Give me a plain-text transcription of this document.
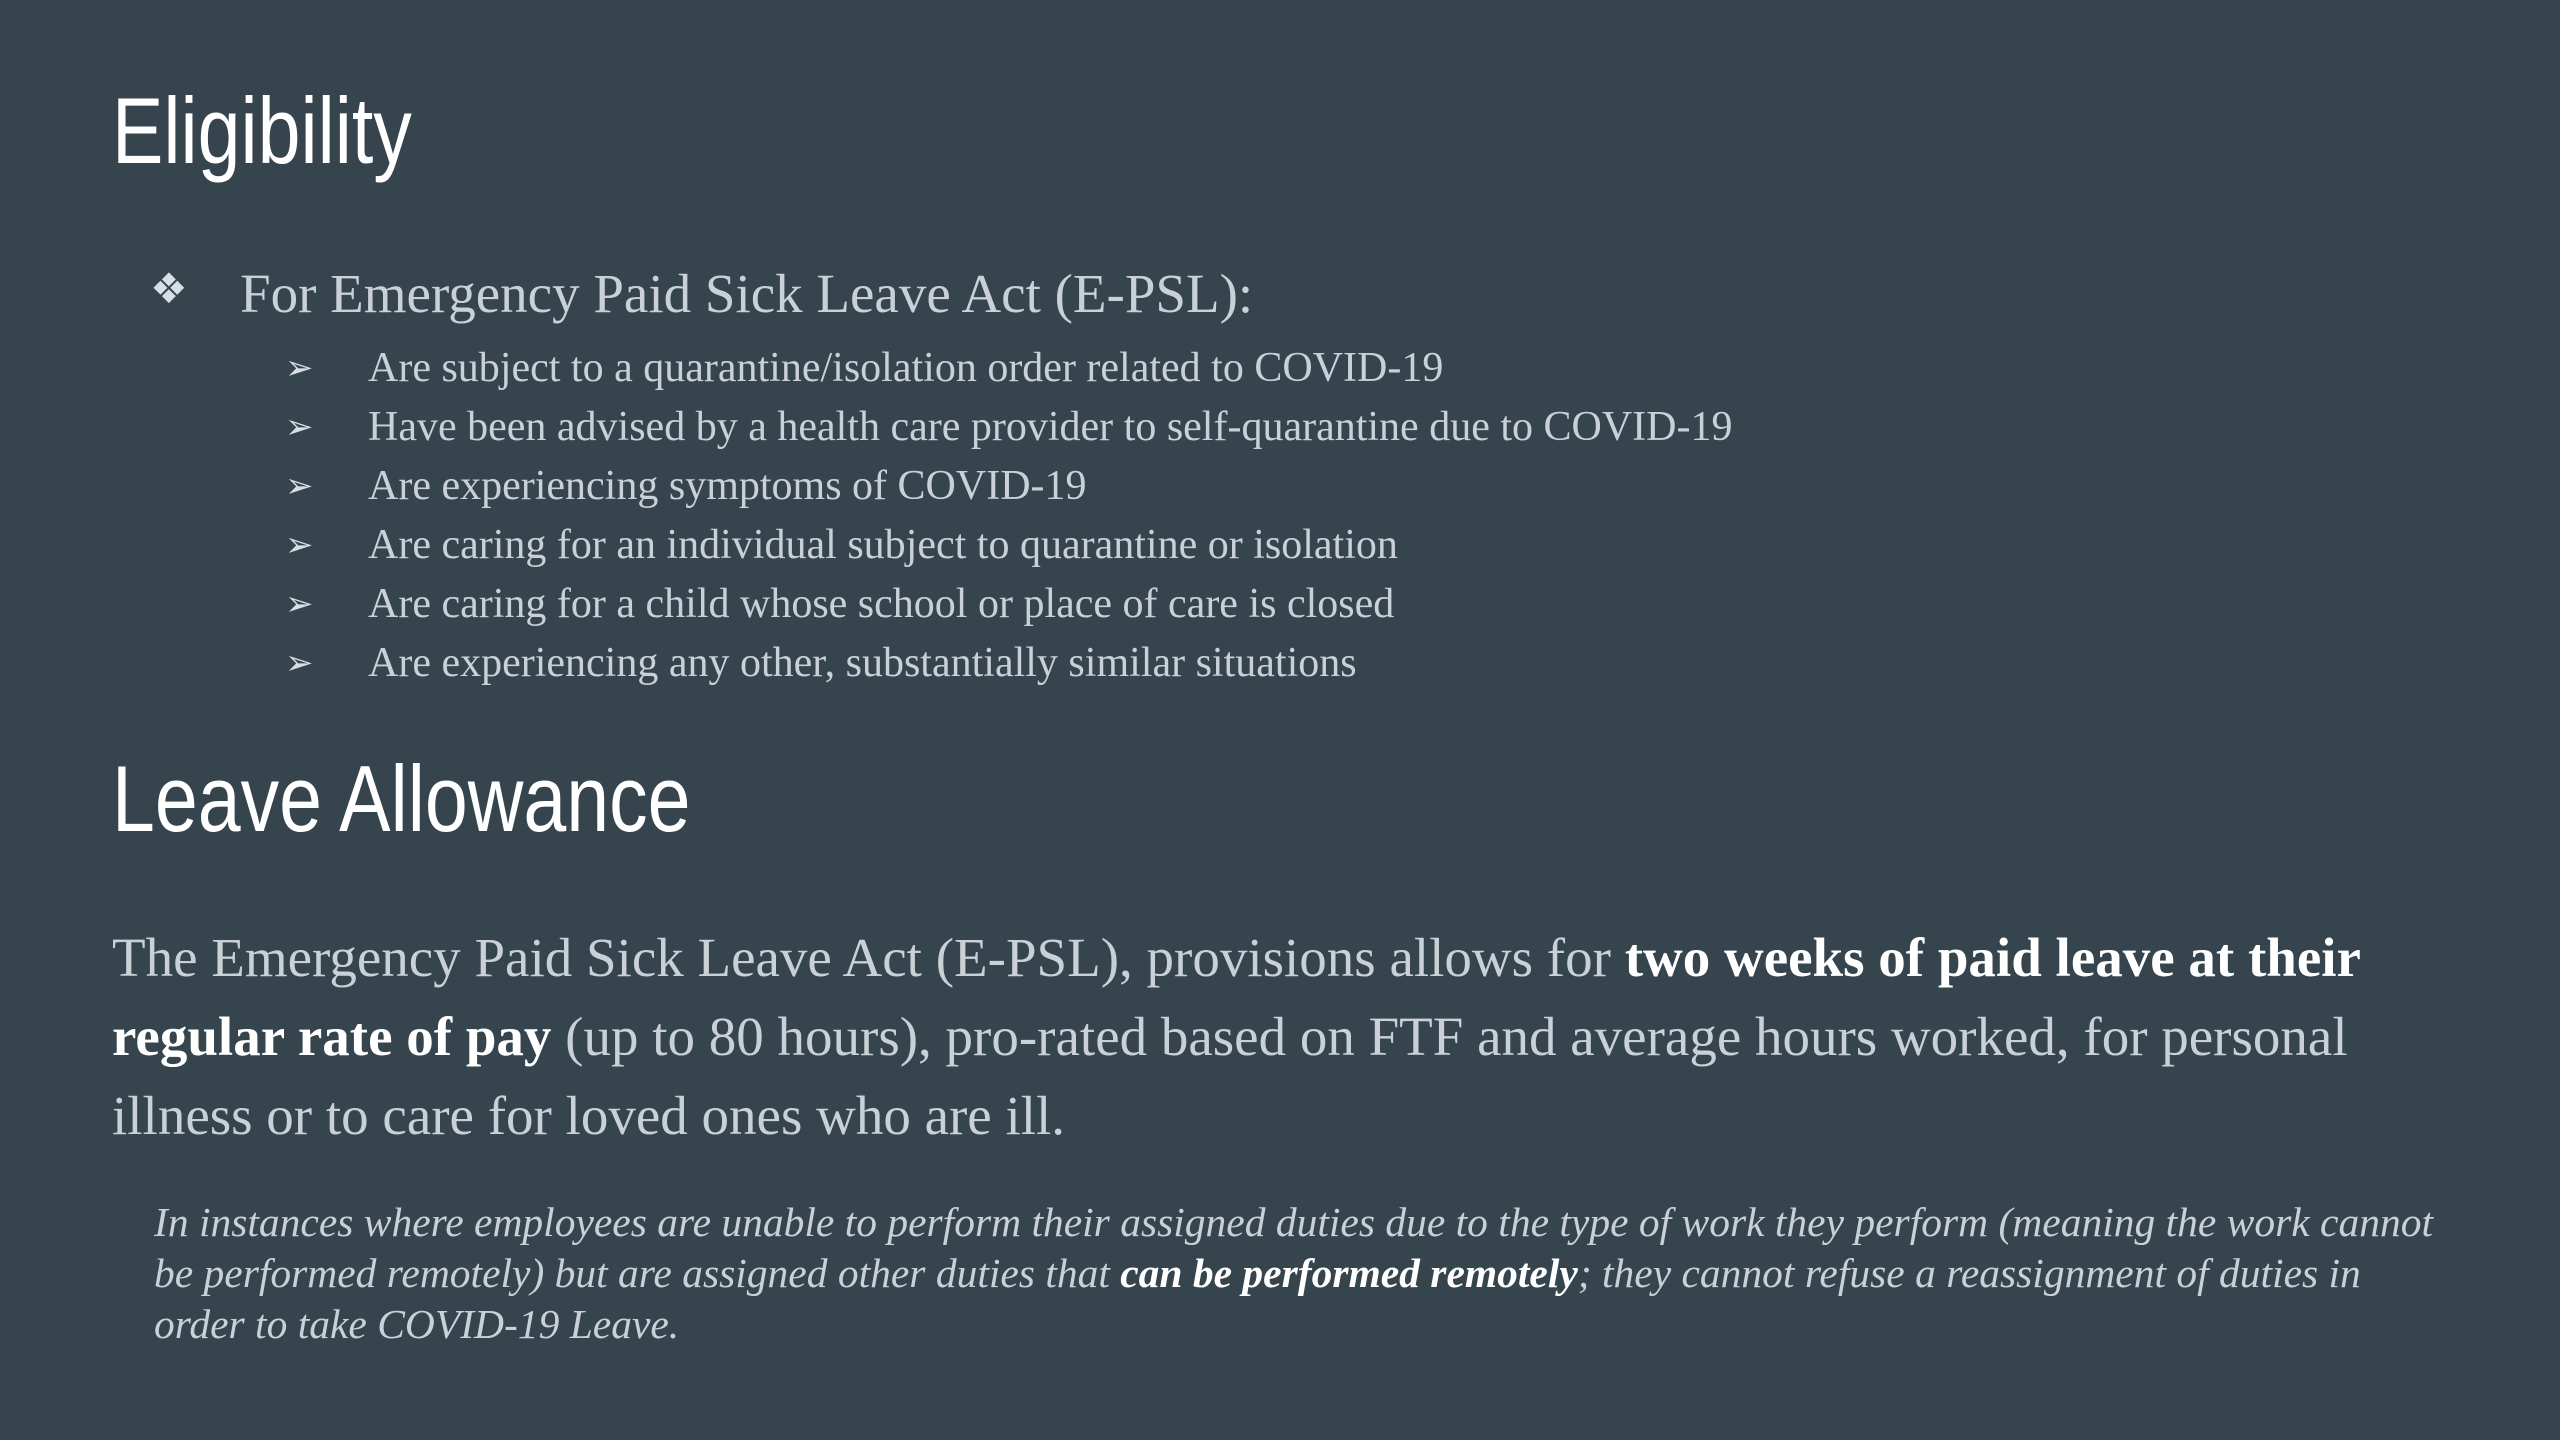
Eligibility
❖ For Emergency Paid Sick Leave Act (E-PSL):
➢	Are subject to a quarantine/isolation order related to COVID-19
➢	Have been advised by a health care provider to self-quarantine due to COVID-19
➢	Are experiencing symptoms of COVID-19
➢	Are caring for an individual subject to quarantine or isolation
➢	Are caring for a child whose school or place of care is closed
➢	Are experiencing any other, substantially similar situations
Leave Allowance

The Emergency Paid Sick Leave Act (E-PSL), provisions allows for two weeks of paid leave at their regular rate of pay (up to 80 hours), pro-rated based on FTF and average hours worked, for personal illness or to care for loved ones who are ill.

In instances where employees are unable to perform their assigned duties due to the type of work they perform (meaning the work cannot be performed remotely) but are assigned other duties that can be performed remotely; they cannot refuse a reassignment of duties in order to take COVID-19 Leave.
